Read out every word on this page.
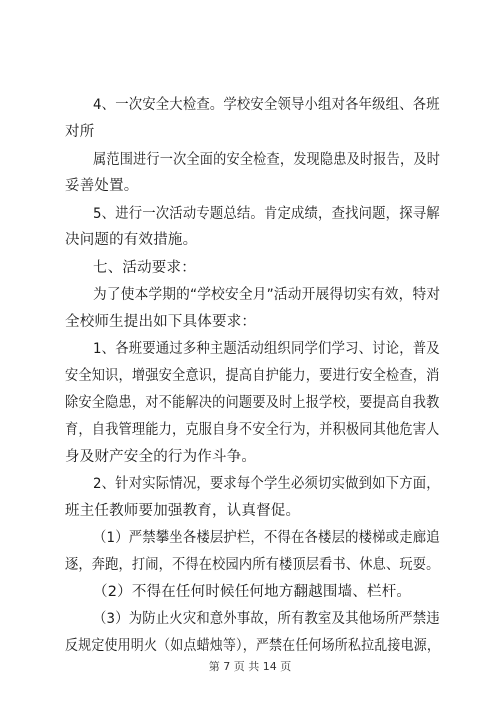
4、一次安全大检查。学校安全领导小组对各年级组、各班
对所
属范围进行一次全面的安全检查，发现隐患及时报告，及时
妥善处置。
5、进行一次活动专题总结。肯定成绩，查找问题，探寻解
决问题的有效措施。
七、活动要求：
为了使本学期的“学校安全月”活动开展得切实有效，特对
全校师生提出如下具体要求：
1、各班要通过多种主题活动组织同学们学习、讨论，普及
安全知识，增强安全意识，提高自护能力，要进行安全检查，消
除安全隐患，对不能解决的问题要及时上报学校，要提高自我教
育，自我管理能力，克服自身不安全行为，并积极同其他危害人
身及财产安全的行为作斗争。
2、针对实际情况，要求每个学生必须切实做到如下方面，
班主任教师要加强教育，认真督促。
（1）严禁攀坐各楼层护栏，不得在各楼层的楼梯或走廊追
逐，奔跑，打闹，不得在校园内所有楼顶层看书、休息、玩耍。
（2）不得在任何时候任何地方翻越围墙、栏杆。
（3）为防止火灾和意外事故，所有教室及其他场所严禁违
反规定使用明火（如点蜡烛等），严禁在任何场所私拉乱接电源，
第 7 页 共 14 页
